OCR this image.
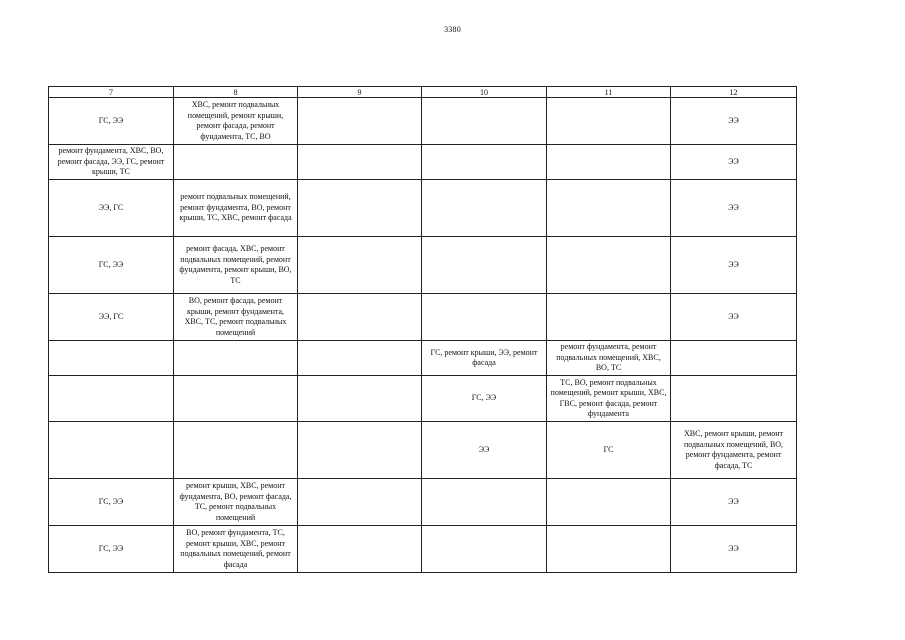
3380
7	8	9	10	11	12
ГС, ЭЭ	ХВС, ремонт подвальных помещений, ремонт крыши, ремонт фасада, ремонт фундамента, ТС, ВО				ЭЭ
ремонт фундамента, ХВС, ВО, ремонт фасада, ЭЭ, ГС, ремонт крыши, ТС					ЭЭ
ЭЭ, ГС	ремонт подвальных помещений, ремонт фундамента, ВО, ремонт крыши, ТС, ХВС, ремонт фасада				ЭЭ
ГС, ЭЭ	ремонт фасада, ХВС, ремонт подвальных помещений, ремонт фундамента, ремонт крыши, ВО, ТС				ЭЭ
ЭЭ, ГС	ВО, ремонт фасада, ремонт крыши, ремонт фундамента, ХВС, ТС, ремонт подвальных помещений				ЭЭ
			ГС, ремонт крыши, ЭЭ, ремонт фасада	ремонт фундамента, ремонт подвальных помещений, ХВС, ВО, ТС	
			ГС, ЭЭ	ТС, ВО, ремонт подвальных помещений, ремонт крыши, ХВС, ГВС, ремонт фасада, ремонт фундамента	
			ЭЭ	ГС	ХВС, ремонт крыши, ремонт подвальных помещений, ВО, ремонт фундамента, ремонт фасада, ТС
ГС, ЭЭ	ремонт крыши, ХВС, ремонт фундамента, ВО, ремонт фасада, ТС, ремонт подвальных помещений				ЭЭ
ГС, ЭЭ	ВО, ремонт фундамента, ТС, ремонт крыши, ХВС, ремонт подвальных помещений, ремонт фасада				ЭЭ
